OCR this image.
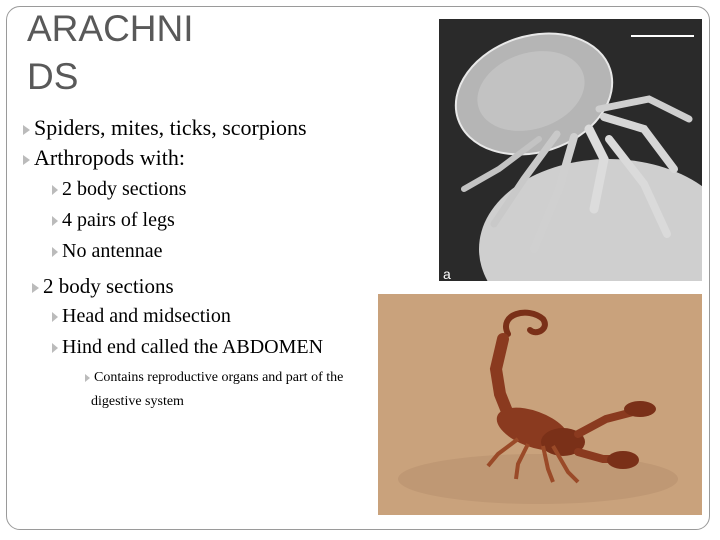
ARACHNI
DS
Spiders, mites, ticks, scorpions
Arthropods with:
2 body sections
4 pairs of legs
No antennae
2 body sections
Head and midsection
Hind end called the ABDOMEN
Contains reproductive organs and part of the digestive system
a
